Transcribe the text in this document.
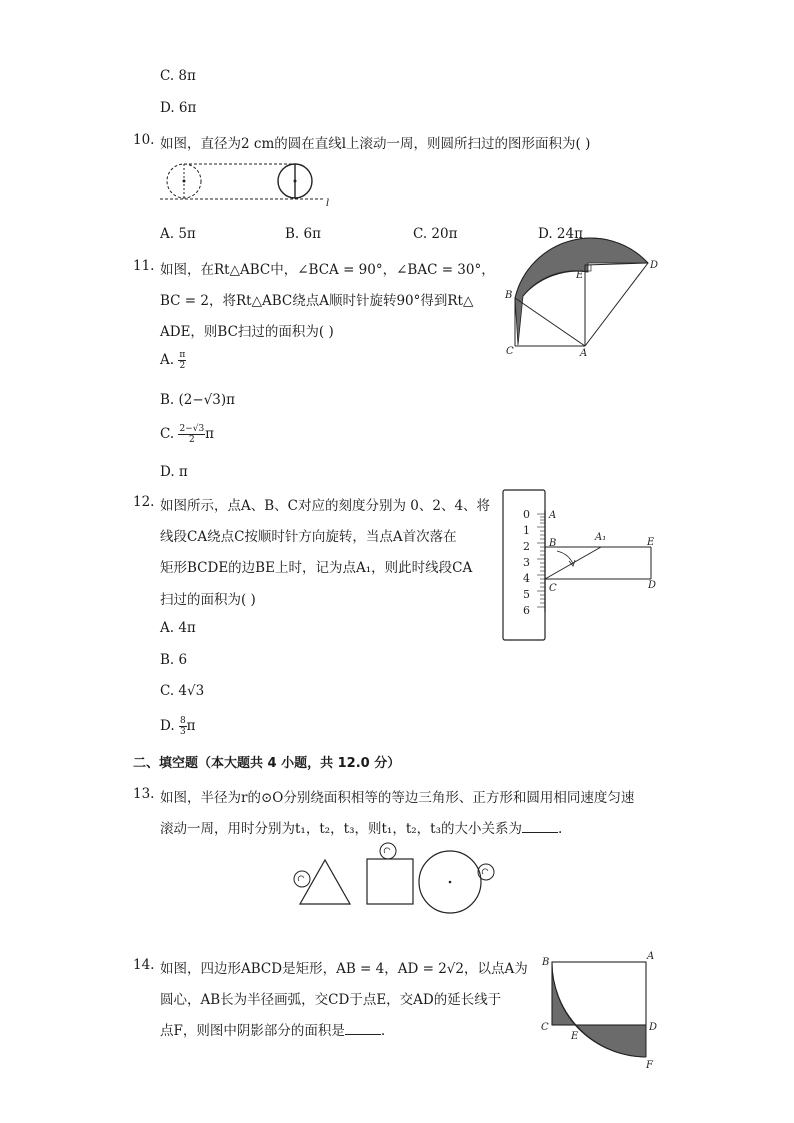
C. 8π
D. 6π
10. 如图，直径为2 cm的圆在直线l上滚动一周，则圆所扫过的图形面积为( )
l
A. 5π	B. 6π	C. 20π	D. 24π
11. 如图，在Rt△ABC中，∠BCA = 90°，∠BAC = 30°，
BC = 2，将Rt△ABC绕点A顺时针旋转90°得到Rt△
ADE，则BC扫过的面积为( )
A. $\frac{\pi}{2}$
B. (2−√3)π
C. $\frac{2-√3}{2}$ π
D. π
B
C	A
E
D
12. 如图所示，点A、B、C对应的刻度分别为 0、2、4、将
线段CA绕点C按顺时针方向旋转，当点A首次落在
矩形BCDE的边BE上时，记为点A₁，则此时线段CA
扫过的面积为( )
A. 4π
B. 6
C. 4√3
D. $\frac{8}{3}$ π
0
1
2
3
4
5
6
A
B
C
A₁	E
D
二、填空题（本大题共 4 小题，共 12.0 分）
13. 如图，半径为r的⊙O分别绕面积相等的等边三角形、正方形和圆用相同速度匀速
滚动一周，用时分别为t₁，t₂，t₃，则t₁，t₂，t₃的大小关系为	.
14. 如图，四边形ABCD是矩形，AB = 4，AD = 2√2，以点A为
圆心，AB长为半径画弧，交CD于点E，交AD的延长线于
点F，则图中阴影部分的面积是	.
B
A
C
E
D
F
